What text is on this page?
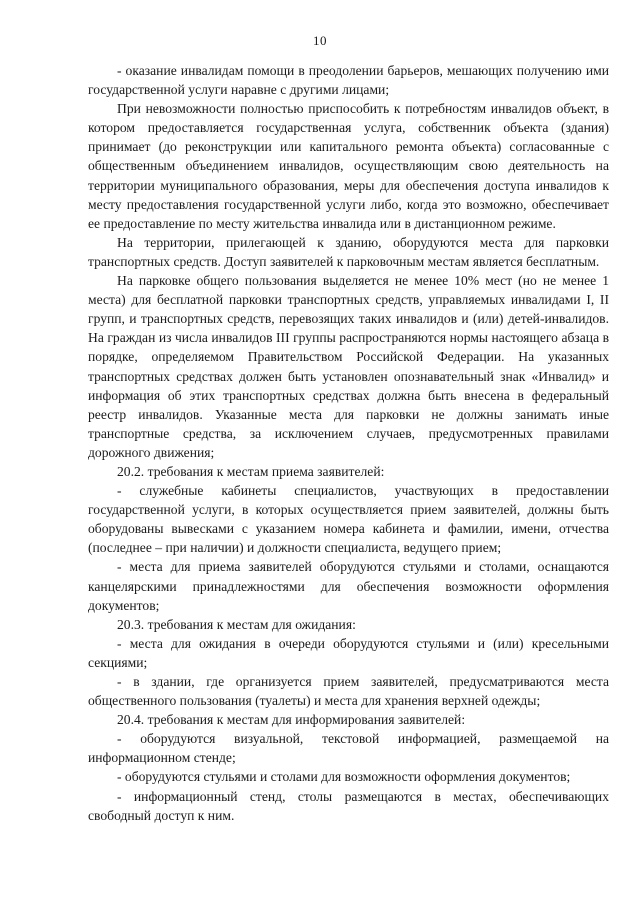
10

- оказание инвалидам помощи в преодолении барьеров, мешающих получению ими государственной услуги наравне с другими лицами;

При невозможности полностью приспособить к потребностям инвалидов объект, в котором предоставляется государственная услуга, собственник объекта (здания) принимает (до реконструкции или капитального ремонта объекта) согласованные с общественным объединением инвалидов, осуществляющим свою деятельность на территории муниципального образования, меры для обеспечения доступа инвалидов к месту предоставления государственной услуги либо, когда это возможно, обеспечивает ее предоставление по месту жительства инвалида или в дистанционном режиме.

На территории, прилегающей к зданию, оборудуются места для парковки транспортных средств. Доступ заявителей к парковочным местам является бесплатным.

На парковке общего пользования выделяется не менее 10% мест (но не менее 1 места) для бесплатной парковки транспортных средств, управляемых инвалидами I, II групп, и транспортных средств, перевозящих таких инвалидов и (или) детей-инвалидов. На граждан из числа инвалидов III группы распространяются нормы настоящего абзаца в порядке, определяемом Правительством Российской Федерации. На указанных транспортных средствах должен быть установлен опознавательный знак «Инвалид» и информация об этих транспортных средствах должна быть внесена в федеральный реестр инвалидов. Указанные места для парковки не должны занимать иные транспортные средства, за исключением случаев, предусмотренных правилами дорожного движения;

20.2. требования к местам приема заявителей:

- служебные кабинеты специалистов, участвующих в предоставлении государственной услуги, в которых осуществляется прием заявителей, должны быть оборудованы вывесками с указанием номера кабинета и фамилии, имени, отчества (последнее – при наличии) и должности специалиста, ведущего прием;

- места для приема заявителей оборудуются стульями и столами, оснащаются канцелярскими принадлежностями для обеспечения возможности оформления документов;

20.3. требования к местам для ожидания:

- места для ожидания в очереди оборудуются стульями и (или) кресельными секциями;

- в здании, где организуется прием заявителей, предусматриваются места общественного пользования (туалеты) и места для хранения верхней одежды;

20.4. требования к местам для информирования заявителей:

- оборудуются визуальной, текстовой информацией, размещаемой на информационном стенде;

- оборудуются стульями и столами для возможности оформления документов;

- информационный стенд, столы размещаются в местах, обеспечивающих свободный доступ к ним.
